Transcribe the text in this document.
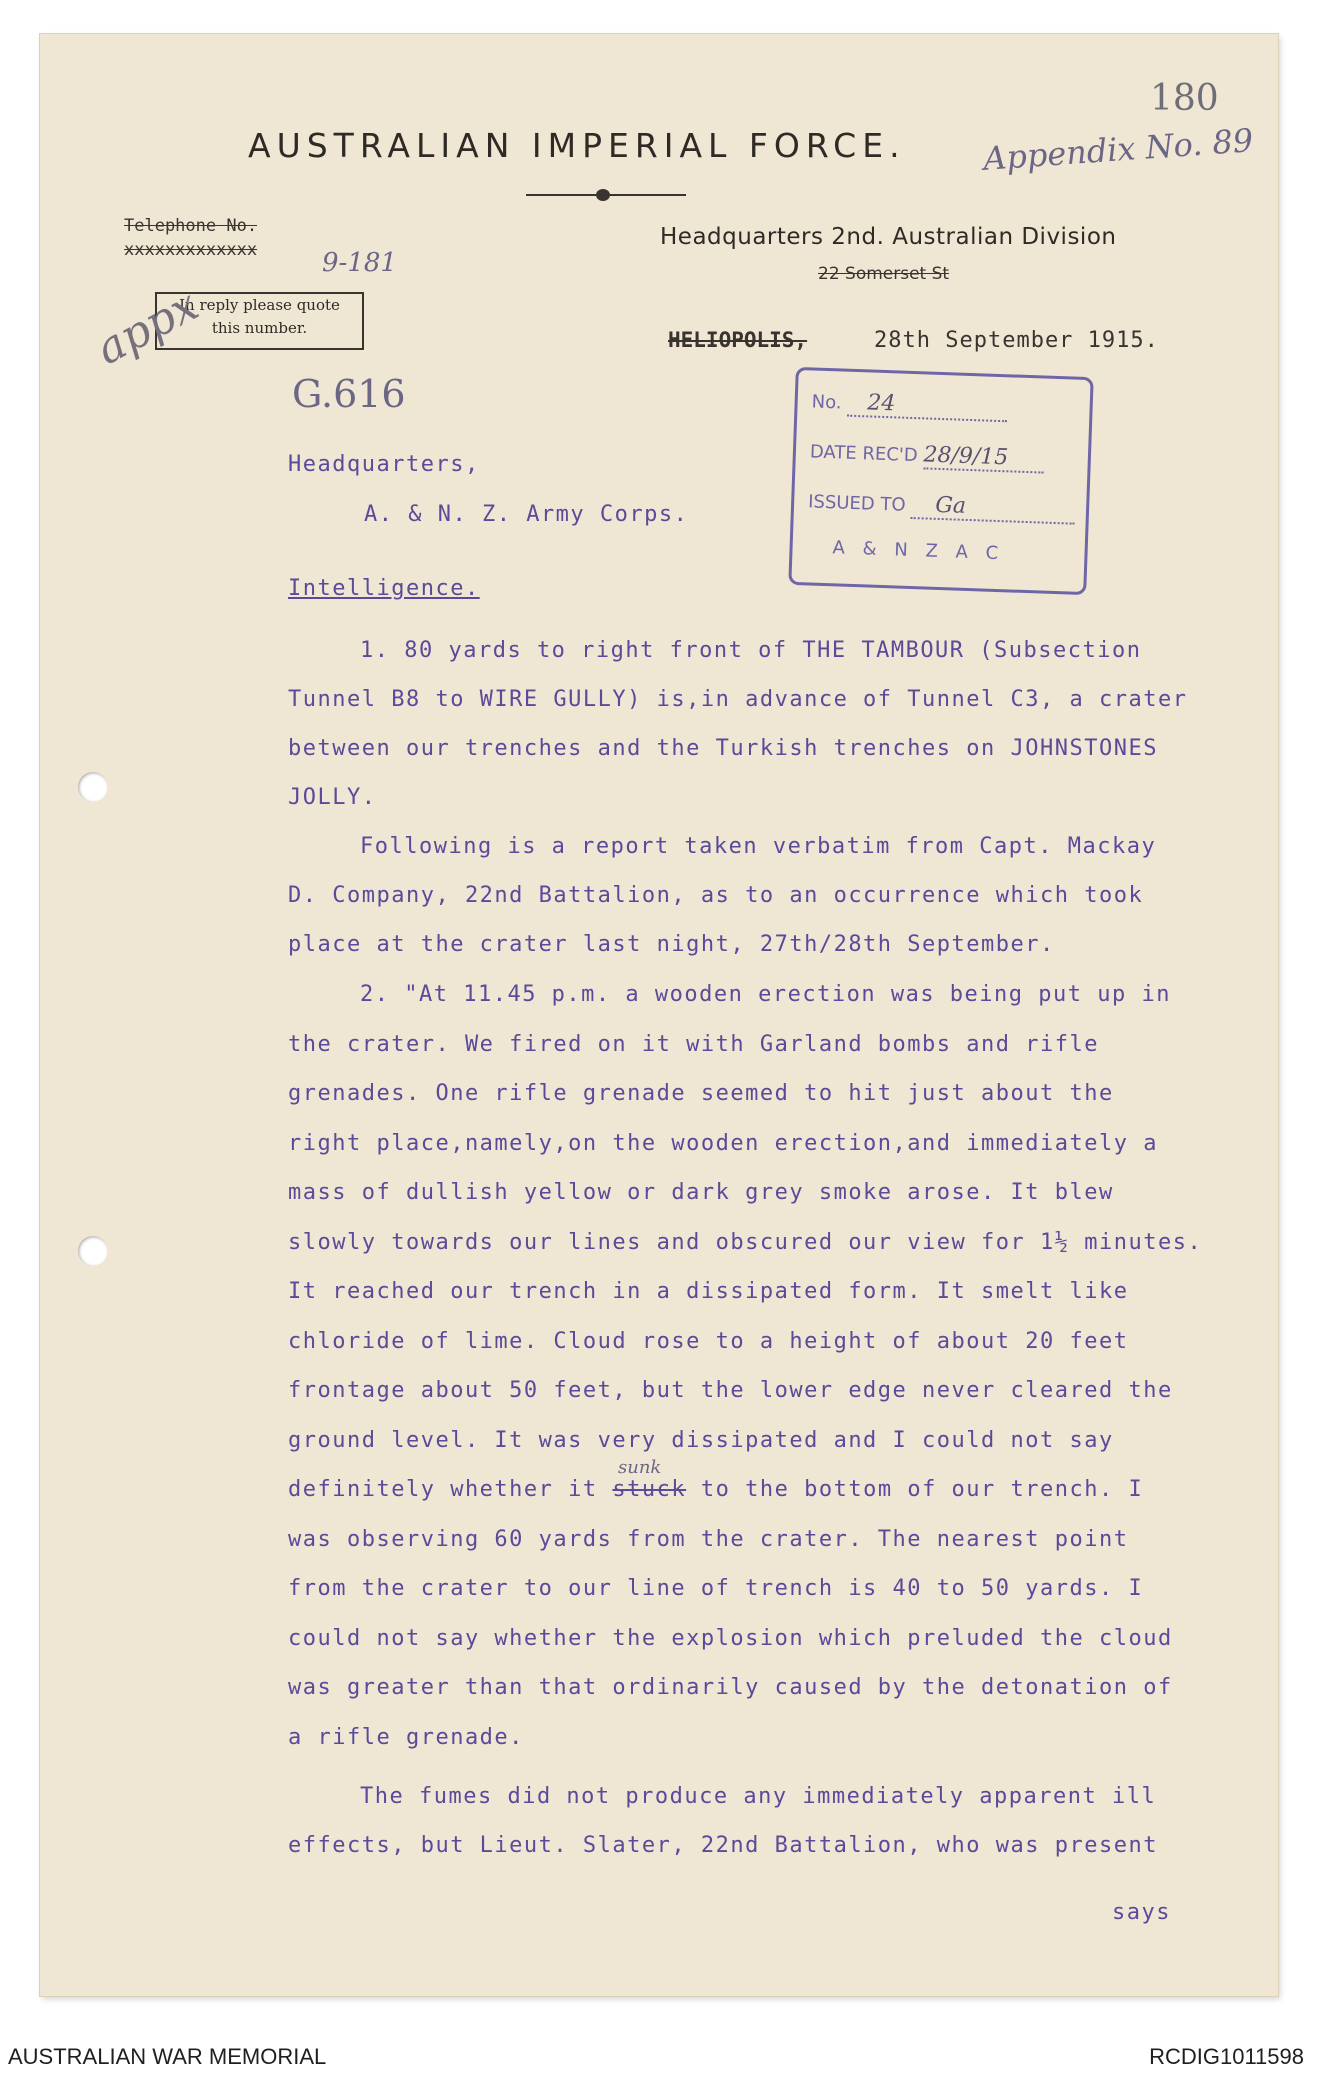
AUSTRALIAN IMPERIAL FORCE.
180
Appendix No. 89
Telephone No.
xxxxxxxxxxxxx 9-181
In reply please quote
this number.
appx
G.616
Headquarters 2nd. Australian Division
22 Somerset St
HELIOPOLIS,	28th September 1915.
No. 24
DATE REC'D 28/9/15
ISSUED TO Ga
A & N Z A C
Headquarters,
A. & N. Z. Army Corps.
Intelligence.
1. 80 yards to right front of THE TAMBOUR (Subsection
Tunnel B8 to WIRE GULLY) is,in advance of Tunnel C3, a crater
between our trenches and the Turkish trenches on JOHNSTONES
JOLLY.
Following is a report taken verbatim from Capt. Mackay
D. Company, 22nd Battalion, as to an occurrence which took
place at the crater last night, 27th/28th September.
2. "At 11.45 p.m. a wooden erection was being put up in
the crater. We fired on it with Garland bombs and rifle
grenades. One rifle grenade seemed to hit just about the
right place,namely,on the wooden erection,and immediately a
mass of dullish yellow or dark grey smoke arose. It blew
slowly towards our lines and obscured our view for 1½ minutes.
It reached our trench in a dissipated form. It smelt like
chloride of lime. Cloud rose to a height of about 20 feet
frontage about 50 feet, but the lower edge never cleared the
ground level. It was very dissipated and I could not say
definitely whether it stuck to the bottom of our trench. I
sunk
was observing 60 yards from the crater. The nearest point
from the crater to our line of trench is 40 to 50 yards. I
could not say whether the explosion which preluded the cloud
was greater than that ordinarily caused by the detonation of
a rifle grenade.
The fumes did not produce any immediately apparent ill
effects, but Lieut. Slater, 22nd Battalion, who was present
says
AUSTRALIAN WAR MEMORIAL	RCDIG1011598
